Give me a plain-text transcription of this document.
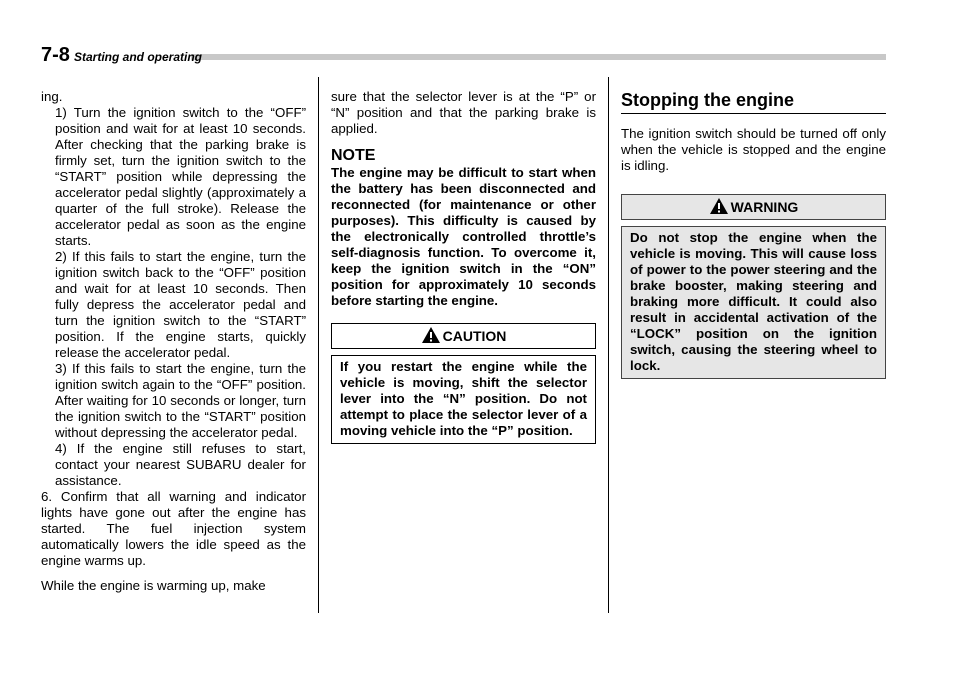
7-8 Starting and operating

ing.

1) Turn the ignition switch to the “OFF” position and wait for at least 10 seconds. After checking that the parking brake is firmly set, turn the ignition switch to the “START” position while depressing the accelerator pedal slightly (approximately a quarter of the full stroke). Release the accelerator pedal as soon as the engine starts.

2) If this fails to start the engine, turn the ignition switch back to the “OFF” position and wait for at least 10 seconds. Then fully depress the accelerator pedal and turn the ignition switch to the “START” position. If the engine starts, quickly release the accelerator pedal.

3) If this fails to start the engine, turn the ignition switch again to the “OFF” position. After waiting for 10 seconds or longer, turn the ignition switch to the “START” position without depressing the accelerator pedal.

4) If the engine still refuses to start, contact your nearest SUBARU dealer for assistance.

6. Confirm that all warning and indicator lights have gone out after the engine has started. The fuel injection system automatically lowers the idle speed as the engine warms up.

While the engine is warming up, make

sure that the selector lever is at the “P” or “N” position and that the parking brake is applied.

NOTE

The engine may be difficult to start when the battery has been disconnected and reconnected (for maintenance or other purposes). This difficulty is caused by the electronically controlled throttle’s self-diagnosis function. To overcome it, keep the ignition switch in the “ON” position for approximately 10 seconds before starting the engine.

CAUTION
If you restart the engine while the vehicle is moving, shift the selector lever into the “N” position. Do not attempt to place the selector lever of a moving vehicle into the “P” position.
Stopping the engine

The ignition switch should be turned off only when the vehicle is stopped and the engine is idling.

WARNING
Do not stop the engine when the vehicle is moving. This will cause loss of power to the power steering and the brake booster, making steering and braking more difficult. It could also result in accidental activation of the “LOCK” position on the ignition switch, causing the steering wheel to lock.
